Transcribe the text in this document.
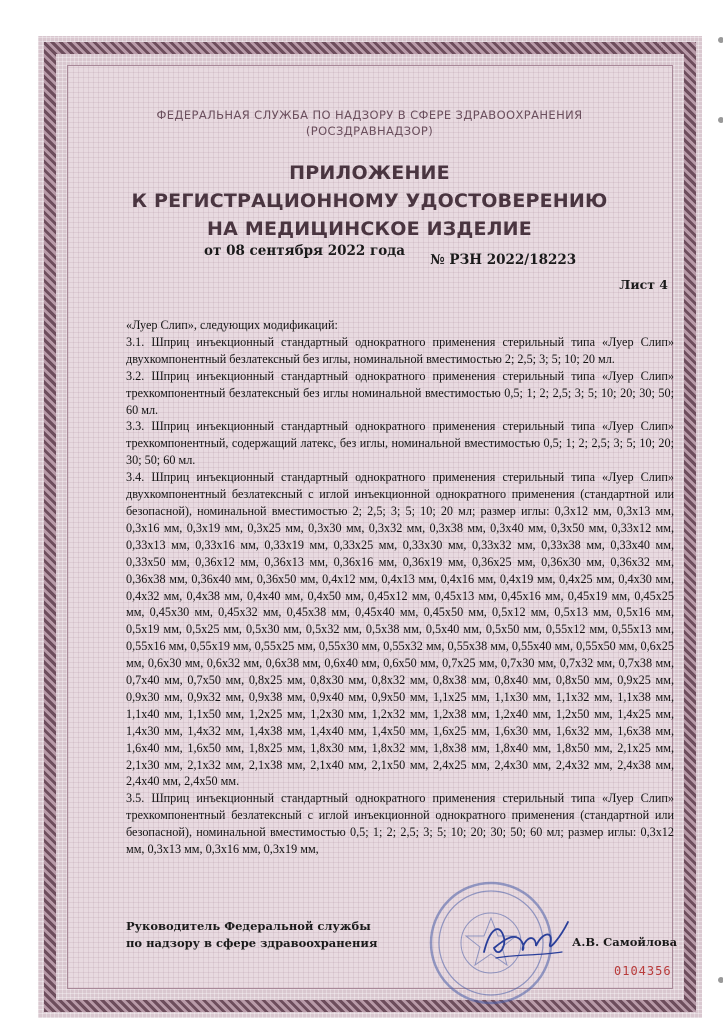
ФЕДЕРАЛЬНАЯ СЛУЖБА ПО НАДЗОРУ В СФЕРЕ ЗДРАВООХРАНЕНИЯ
(РОСЗДРАВНАДЗОР)
ПРИЛОЖЕНИЕ
К РЕГИСТРАЦИОННОМУ УДОСТОВЕРЕНИЮ
НА МЕДИЦИНСКОЕ ИЗДЕЛИЕ
от 08 сентября 2022 года
№ РЗН 2022/18223
Лист 4

«Луер Слип», следующих модификаций:

3.1. Шприц инъекционный стандартный однократного применения стерильный типа «Луер Слип» двухкомпонентный безлатексный без иглы, номинальной вместимостью 2; 2,5; 3; 5; 10; 20 мл.

3.2. Шприц инъекционный стандартный однократного применения стерильный типа «Луер Слип» трехкомпонентный безлатексный без иглы номинальной вместимостью 0,5; 1; 2; 2,5; 3; 5; 10; 20; 30; 50; 60 мл.

3.3. Шприц инъекционный стандартный однократного применения стерильный типа «Луер Слип» трехкомпонентный, содержащий латекс, без иглы, номинальной вместимостью 0,5; 1; 2; 2,5; 3; 5; 10; 20; 30; 50; 60 мл.

3.4. Шприц инъекционный стандартный однократного применения стерильный типа «Луер Слип» двухкомпонентный безлатексный с иглой инъекционной однократного применения (стандартной или безопасной), номинальной вместимостью 2; 2,5; 3; 5; 10; 20 мл; размер иглы: 0,3x12 мм, 0,3x13 мм, 0,3x16 мм, 0,3x19 мм, 0,3x25 мм, 0,3x30 мм, 0,3x32 мм, 0,3x38 мм, 0,3x40 мм, 0,3x50 мм, 0,33x12 мм, 0,33x13 мм, 0,33x16 мм, 0,33x19 мм, 0,33x25 мм, 0,33x30 мм, 0,33x32 мм, 0,33x38 мм, 0,33x40 мм, 0,33x50 мм, 0,36x12 мм, 0,36x13 мм, 0,36x16 мм, 0,36x19 мм, 0,36x25 мм, 0,36x30 мм, 0,36x32 мм, 0,36x38 мм, 0,36x40 мм, 0,36x50 мм, 0,4x12 мм, 0,4x13 мм, 0,4x16 мм, 0,4x19 мм, 0,4x25 мм, 0,4x30 мм, 0,4x32 мм, 0,4x38 мм, 0,4x40 мм, 0,4x50 мм, 0,45x12 мм, 0,45x13 мм, 0,45x16 мм, 0,45x19 мм, 0,45x25 мм, 0,45x30 мм, 0,45x32 мм, 0,45x38 мм, 0,45x40 мм, 0,45x50 мм, 0,5x12 мм, 0,5x13 мм, 0,5x16 мм, 0,5x19 мм, 0,5x25 мм, 0,5x30 мм, 0,5x32 мм, 0,5x38 мм, 0,5x40 мм, 0,5x50 мм, 0,55x12 мм, 0,55x13 мм, 0,55x16 мм, 0,55x19 мм, 0,55x25 мм, 0,55x30 мм, 0,55x32 мм, 0,55x38 мм, 0,55x40 мм, 0,55x50 мм, 0,6x25 мм, 0,6x30 мм, 0,6x32 мм, 0,6x38 мм, 0,6x40 мм, 0,6x50 мм, 0,7x25 мм, 0,7x30 мм, 0,7x32 мм, 0,7x38 мм, 0,7x40 мм, 0,7x50 мм, 0,8x25 мм, 0,8x30 мм, 0,8x32 мм, 0,8x38 мм, 0,8x40 мм, 0,8x50 мм, 0,9x25 мм, 0,9x30 мм, 0,9x32 мм, 0,9x38 мм, 0,9x40 мм, 0,9x50 мм, 1,1x25 мм, 1,1x30 мм, 1,1x32 мм, 1,1x38 мм, 1,1x40 мм, 1,1x50 мм, 1,2x25 мм, 1,2x30 мм, 1,2x32 мм, 1,2x38 мм, 1,2x40 мм, 1,2x50 мм, 1,4x25 мм, 1,4x30 мм, 1,4x32 мм, 1,4x38 мм, 1,4x40 мм, 1,4x50 мм, 1,6x25 мм, 1,6x30 мм, 1,6x32 мм, 1,6x38 мм, 1,6x40 мм, 1,6x50 мм, 1,8x25 мм, 1,8x30 мм, 1,8x32 мм, 1,8x38 мм, 1,8x40 мм, 1,8x50 мм, 2,1x25 мм, 2,1x30 мм, 2,1x32 мм, 2,1x38 мм, 2,1x40 мм, 2,1x50 мм, 2,4x25 мм, 2,4x30 мм, 2,4x32 мм, 2,4x38 мм, 2,4x40 мм, 2,4x50 мм.

3.5. Шприц инъекционный стандартный однократного применения стерильный типа «Луер Слип» трехкомпонентный безлатексный с иглой инъекционной однократного применения (стандартной или безопасной), номинальной вместимостью 0,5; 1; 2; 2,5; 3; 5; 10; 20; 30; 50; 60 мл; размер иглы: 0,3x12 мм, 0,3x13 мм, 0,3x16 мм, 0,3x19 мм,

Руководитель Федеральной службы
по надзору в сфере здравоохранения	А.В. Самойлова
0104356
